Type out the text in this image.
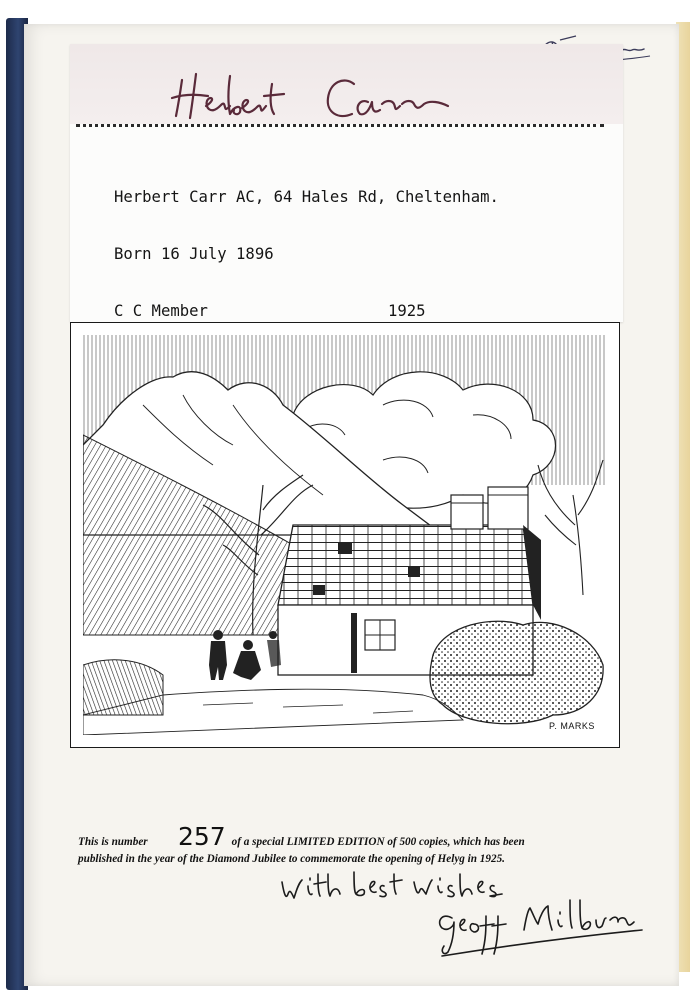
Herbert Carr AC, 64 Hales Rd, Cheltenham.

Born 16 July 1896

C C Member	1925

P. MARKS
This is number	of a special LIMITED EDITION of 500 copies, which has been
257
published in the year of the Diamond Jubilee to commemorate the opening of Helyg in 1925.
